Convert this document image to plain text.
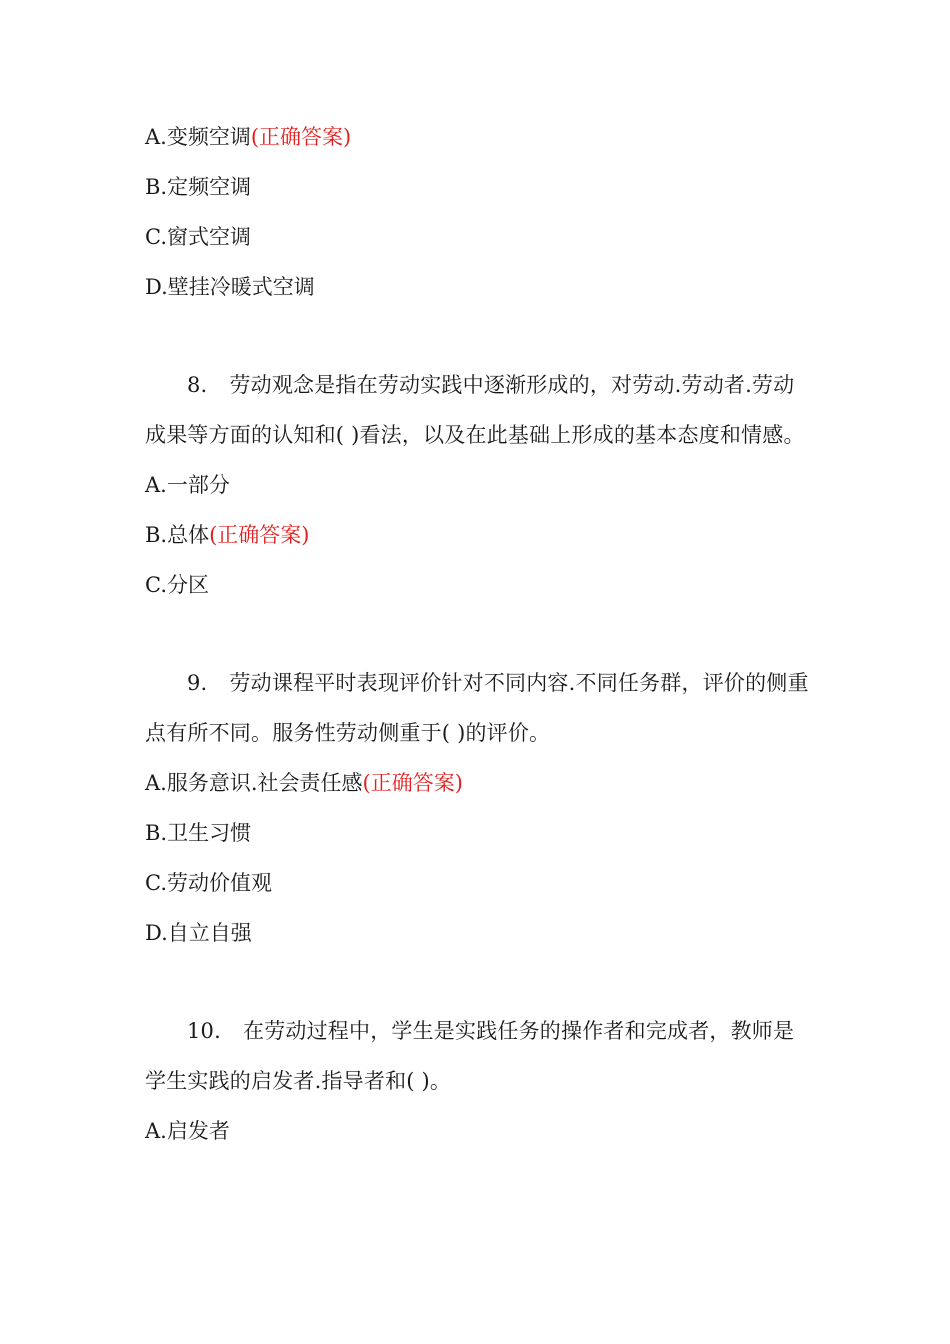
A.变频空调(正确答案)
B.定频空调
C.窗式空调
D.壁挂冷暖式空调
8. 劳动观念是指在劳动实践中逐渐形成的，对劳动.劳动者.劳动成果等方面的认知和( )看法，以及在此基础上形成的基本态度和情感。
A.一部分
B.总体(正确答案)
C.分区
9. 劳动课程平时表现评价针对不同内容.不同任务群，评价的侧重点有所不同。服务性劳动侧重于( )的评价。
A.服务意识.社会责任感(正确答案)
B.卫生习惯
C.劳动价值观
D.自立自强
10. 在劳动过程中，学生是实践任务的操作者和完成者，教师是学生实践的启发者.指导者和( )。
A.启发者
